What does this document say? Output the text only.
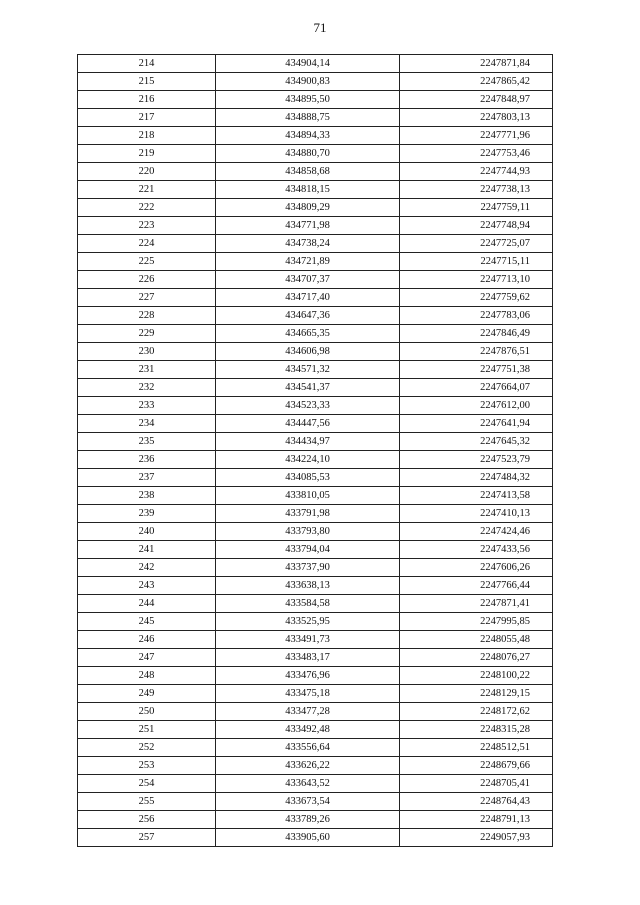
71
214	434904,14	2247871,84
215	434900,83	2247865,42
216	434895,50	2247848,97
217	434888,75	2247803,13
218	434894,33	2247771,96
219	434880,70	2247753,46
220	434858,68	2247744,93
221	434818,15	2247738,13
222	434809,29	2247759,11
223	434771,98	2247748,94
224	434738,24	2247725,07
225	434721,89	2247715,11
226	434707,37	2247713,10
227	434717,40	2247759,62
228	434647,36	2247783,06
229	434665,35	2247846,49
230	434606,98	2247876,51
231	434571,32	2247751,38
232	434541,37	2247664,07
233	434523,33	2247612,00
234	434447,56	2247641,94
235	434434,97	2247645,32
236	434224,10	2247523,79
237	434085,53	2247484,32
238	433810,05	2247413,58
239	433791,98	2247410,13
240	433793,80	2247424,46
241	433794,04	2247433,56
242	433737,90	2247606,26
243	433638,13	2247766,44
244	433584,58	2247871,41
245	433525,95	2247995,85
246	433491,73	2248055,48
247	433483,17	2248076,27
248	433476,96	2248100,22
249	433475,18	2248129,15
250	433477,28	2248172,62
251	433492,48	2248315,28
252	433556,64	2248512,51
253	433626,22	2248679,66
254	433643,52	2248705,41
255	433673,54	2248764,43
256	433789,26	2248791,13
257	433905,60	2249057,93
